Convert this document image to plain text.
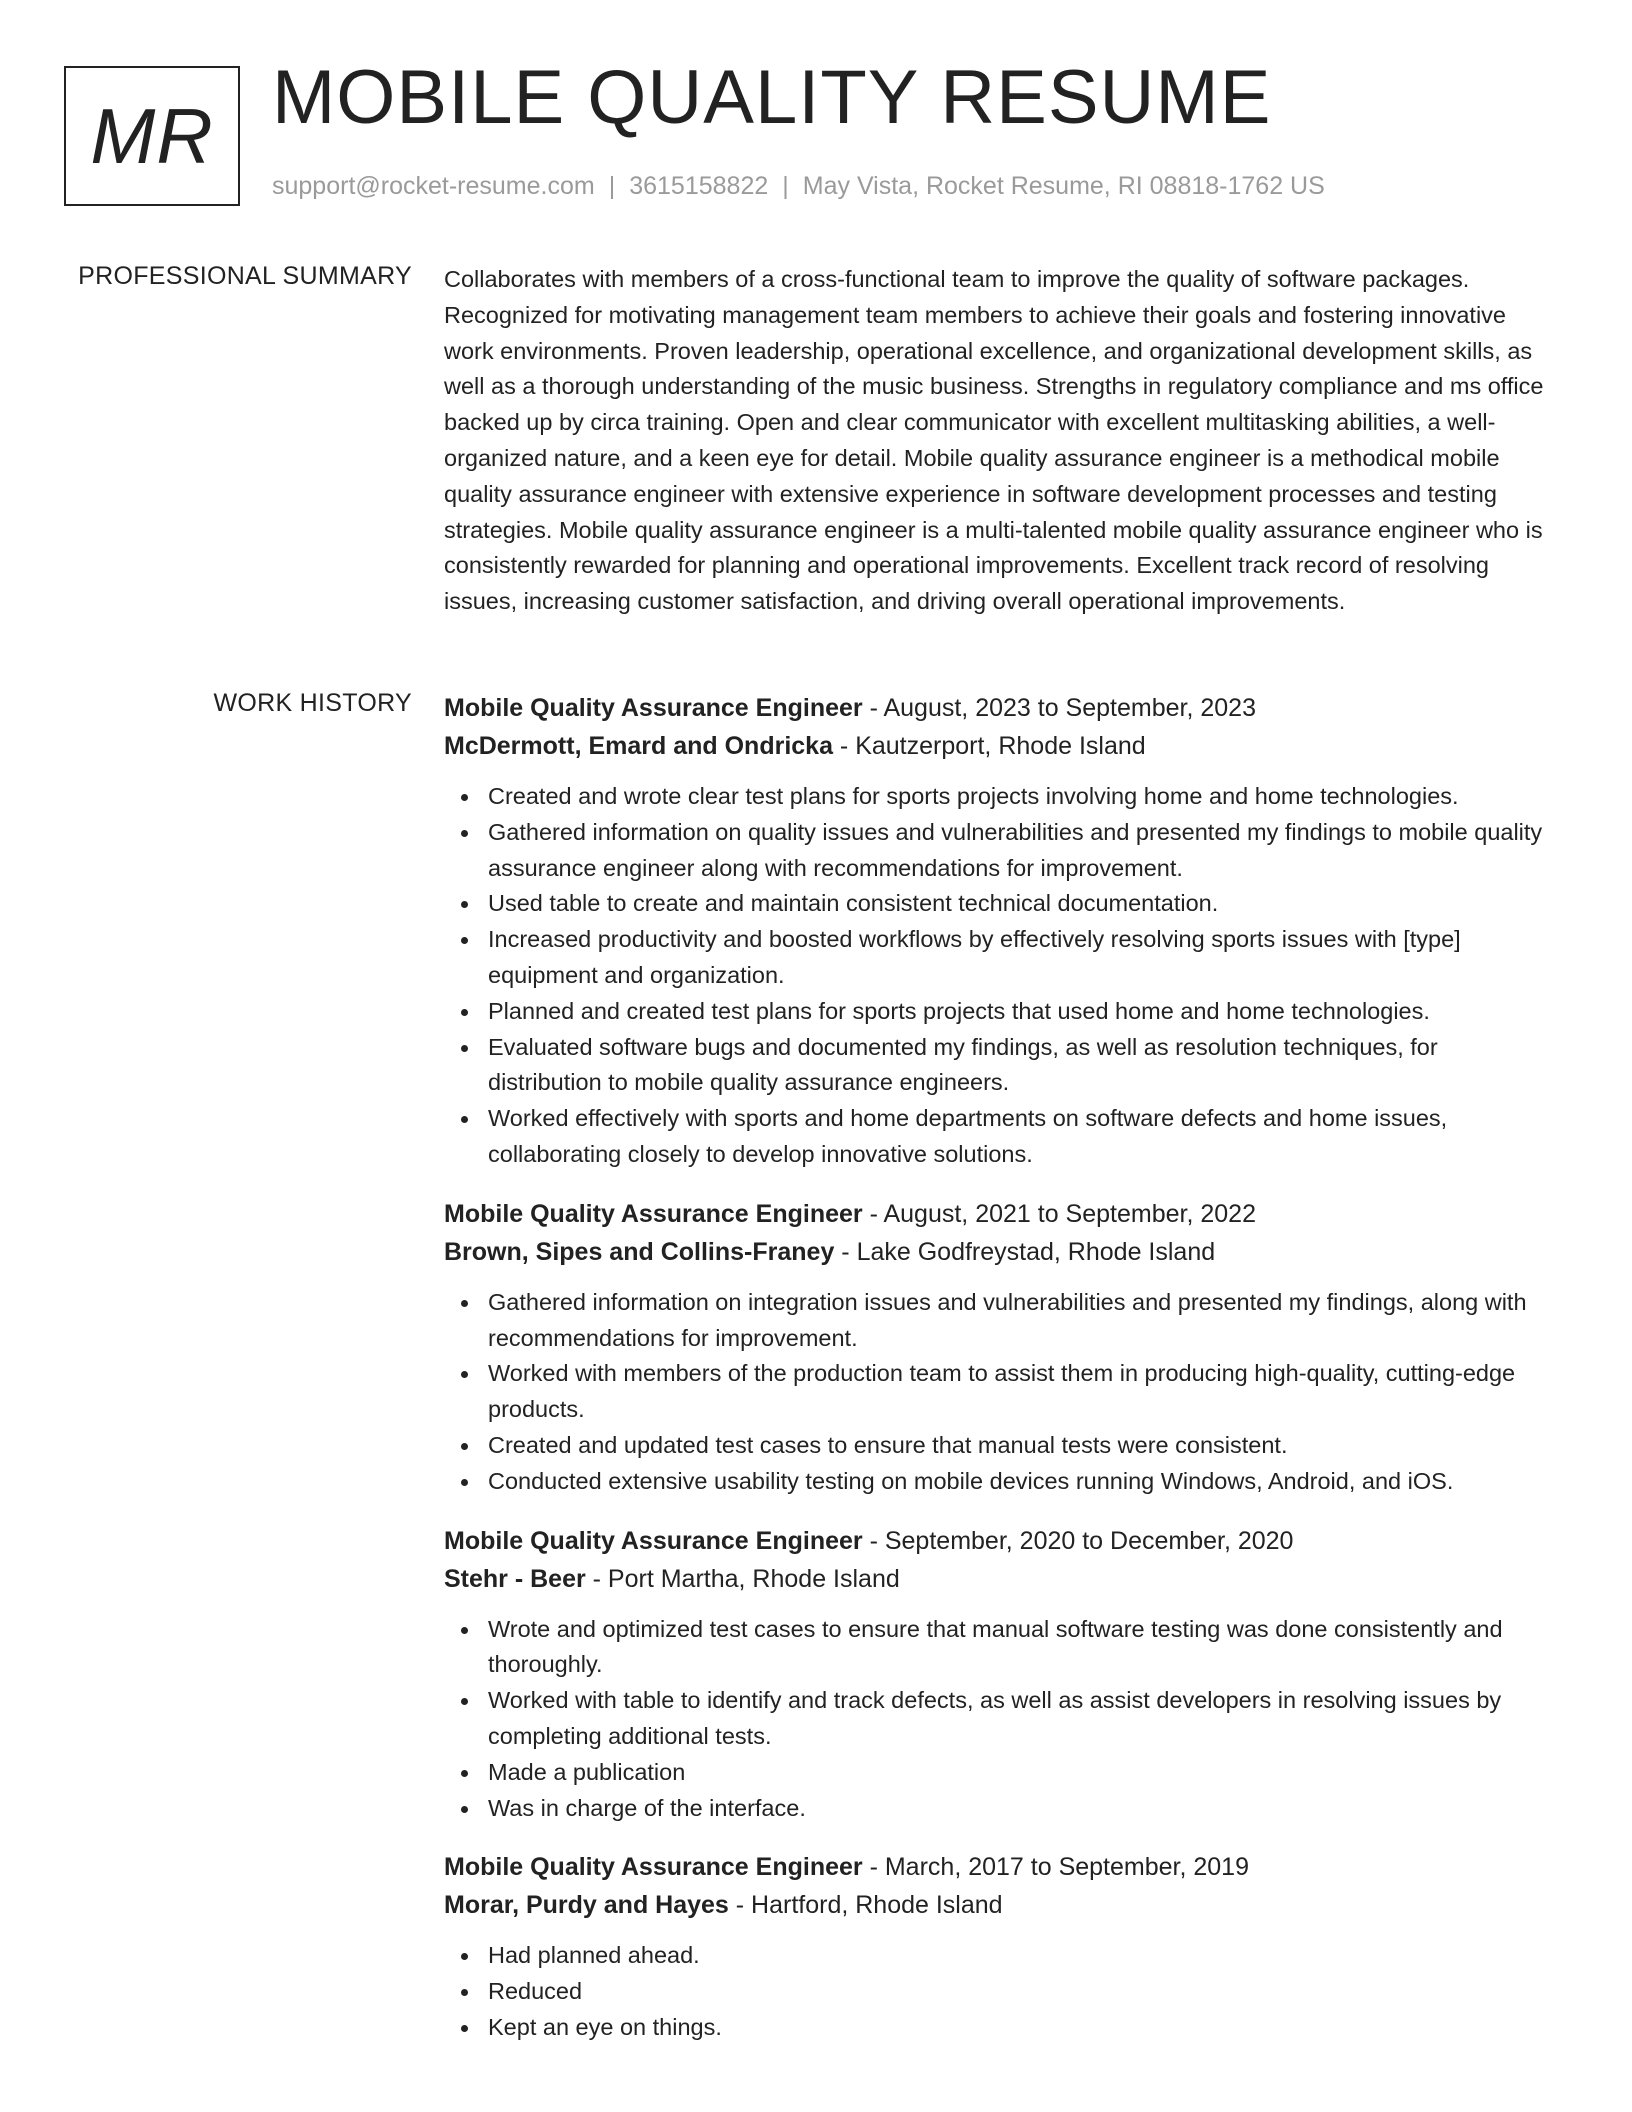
MR MOBILE QUALITY RESUME
support@rocket-resume.com | 3615158822 | May Vista, Rocket Resume, RI 08818-1762 US
PROFESSIONAL SUMMARY Collaborates with members of a cross-functional team to improve the quality of software packages. Recognized for motivating management team members to achieve their goals and fostering innovative work environments. Proven leadership, operational excellence, and organizational development skills, as well as a thorough understanding of the music business. Strengths in regulatory compliance and ms office backed up by circa training. Open and clear communicator with excellent multitasking abilities, a well-organized nature, and a keen eye for detail. Mobile quality assurance engineer is a methodical mobile quality assurance engineer with extensive experience in software development processes and testing strategies. Mobile quality assurance engineer is a multi-talented mobile quality assurance engineer who is consistently rewarded for planning and operational improvements. Excellent track record of resolving issues, increasing customer satisfaction, and driving overall operational improvements.

WORK HISTORY Mobile Quality Assurance Engineer - August, 2023 to September, 2023
McDermott, Emard and Ondricka - Kautzerport, Rhode Island
Created and wrote clear test plans for sports projects involving home and home technologies.
Gathered information on quality issues and vulnerabilities and presented my findings to mobile quality assurance engineer along with recommendations for improvement.
Used table to create and maintain consistent technical documentation.
Increased productivity and boosted workflows by effectively resolving sports issues with [type] equipment and organization.
Planned and created test plans for sports projects that used home and home technologies.
Evaluated software bugs and documented my findings, as well as resolution techniques, for distribution to mobile quality assurance engineers.
Worked effectively with sports and home departments on software defects and home issues, collaborating closely to develop innovative solutions.
Mobile Quality Assurance Engineer - August, 2021 to September, 2022
Brown, Sipes and Collins-Franey - Lake Godfreystad, Rhode Island
Gathered information on integration issues and vulnerabilities and presented my findings, along with recommendations for improvement.
Worked with members of the production team to assist them in producing high-quality, cutting-edge products.
Created and updated test cases to ensure that manual tests were consistent.
Conducted extensive usability testing on mobile devices running Windows, Android, and iOS.
Mobile Quality Assurance Engineer - September, 2020 to December, 2020
Stehr - Beer - Port Martha, Rhode Island
Wrote and optimized test cases to ensure that manual software testing was done consistently and thoroughly.
Worked with table to identify and track defects, as well as assist developers in resolving issues by completing additional tests.
Made a publication
Was in charge of the interface.
Mobile Quality Assurance Engineer - March, 2017 to September, 2019
Morar, Purdy and Hayes - Hartford, Rhode Island
Had planned ahead.
Reduced
Kept an eye on things.
